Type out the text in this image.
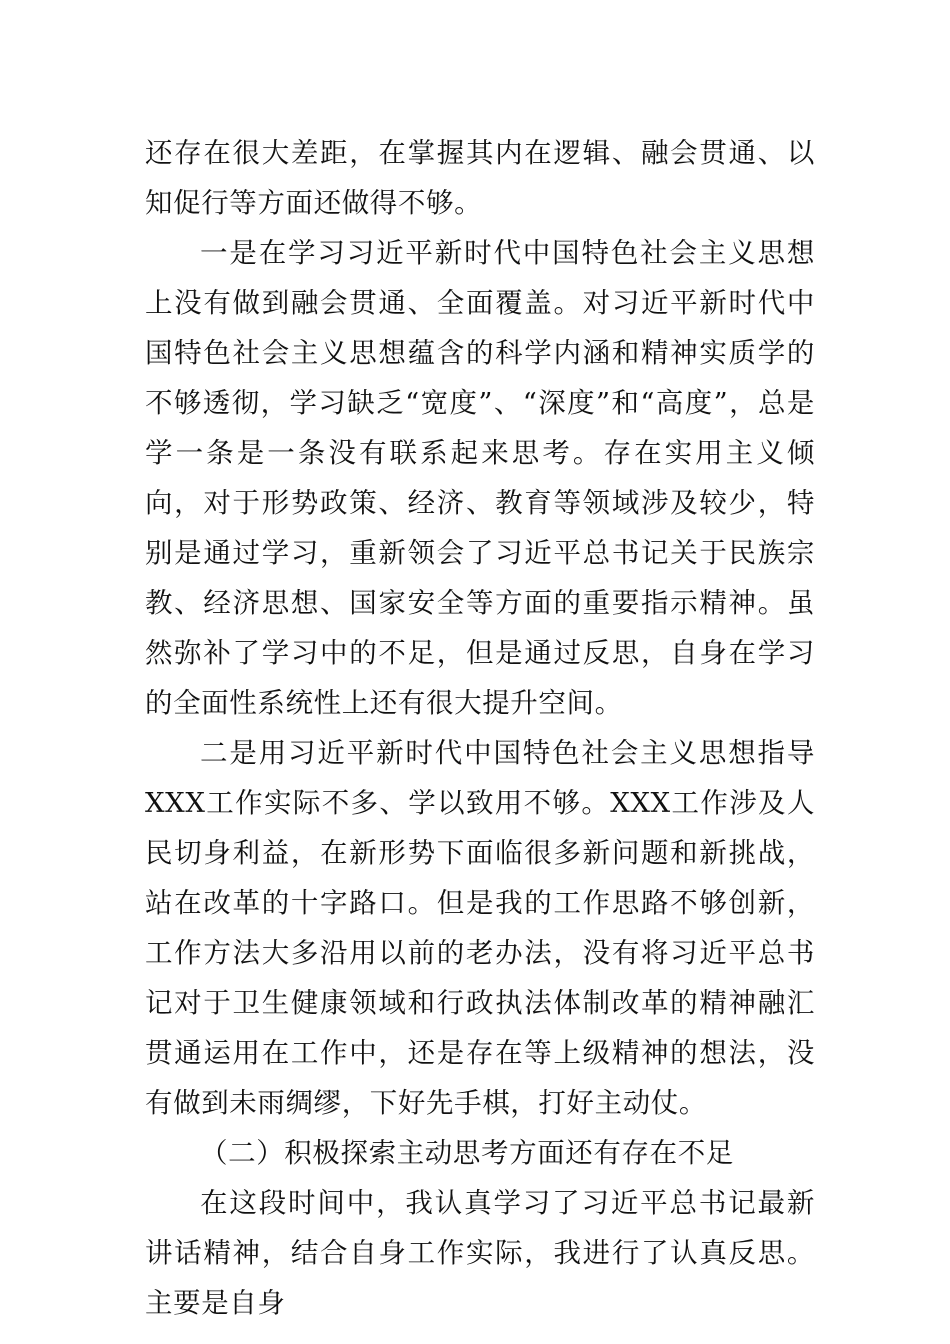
还存在很大差距，在掌握其内在逻辑、融会贯通、以知促行等方面还做得不够。

一是在学习习近平新时代中国特色社会主义思想上没有做到融会贯通、全面覆盖。对习近平新时代中国特色社会主义思想蕴含的科学内涵和精神实质学的不够透彻，学习缺乏“宽度”、“深度”和“高度”，总是学一条是一条没有联系起来思考。存在实用主义倾向，对于形势政策、经济、教育等领域涉及较少，特别是通过学习，重新领会了习近平总书记关于民族宗教、经济思想、国家安全等方面的重要指示精神。虽然弥补了学习中的不足，但是通过反思，自身在学习的全面性系统性上还有很大提升空间。

二是用习近平新时代中国特色社会主义思想指导XXX工作实际不多、学以致用不够。XXX工作涉及人民切身利益，在新形势下面临很多新问题和新挑战，站在改革的十字路口。但是我的工作思路不够创新，工作方法大多沿用以前的老办法，没有将习近平总书记对于卫生健康领域和行政执法体制改革的精神融汇贯通运用在工作中，还是存在等上级精神的想法，没有做到未雨绸缪，下好先手棋，打好主动仗。

（二）积极探索主动思考方面还有存在不足

在这段时间中，我认真学习了习近平总书记最新讲话精神，结合自身工作实际，我进行了认真反思。主要是自身
